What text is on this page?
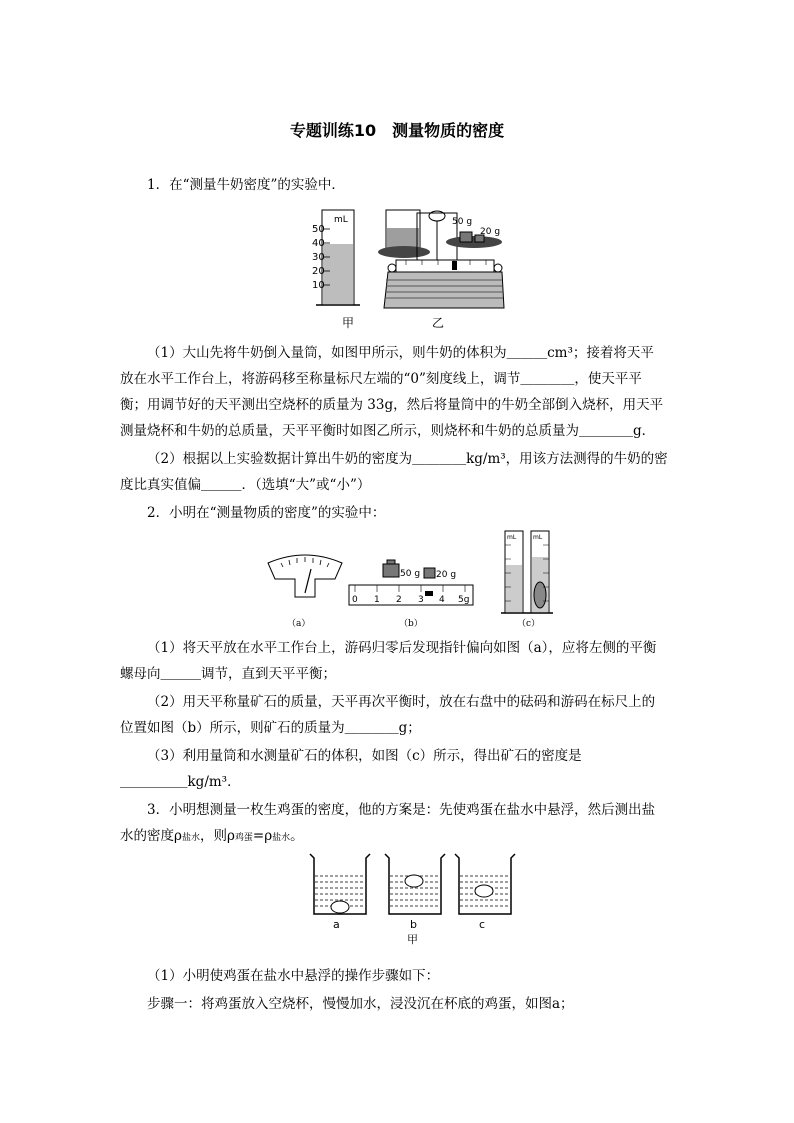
专题训练10　测量物质的密度
1．在“测量牛奶密度”的实验中．
mL
50
40
30
20
10
50 g
20 g
甲	乙
（1）大山先将牛奶倒入量筒，如图甲所示，则牛奶的体积为＿＿＿cm³；接着将天平
放在水平工作台上，将游码移至称量标尺左端的“0”刻度线上，调节＿＿＿＿，使天平平
衡；用调节好的天平测出空烧杯的质量为 33g，然后将量筒中的牛奶全部倒入烧杯，用天平
测量烧杯和牛奶的总质量，天平平衡时如图乙所示，则烧杯和牛奶的总质量为＿＿＿＿g．
（2）根据以上实验数据计算出牛奶的密度为＿＿＿＿kg/m³，用该方法测得的牛奶的密
度比真实值偏＿＿＿．（选填“大”或“小”）
2．小明在“测量物质的密度”的实验中：
50 g 20 g
0 1 2 3 4 5g
mL	mL
（a）	（b）	（c）
（1）将天平放在水平工作台上，游码归零后发现指针偏向如图（a），应将左侧的平衡
螺母向＿＿＿调节，直到天平平衡；
（2）用天平称量矿石的质量，天平再次平衡时，放在右盘中的砝码和游码在标尺上的
位置如图（b）所示，则矿石的质量为＿＿＿＿g；
（3）利用量筒和水测量矿石的体积，如图（c）所示，得出矿石的密度是
＿＿＿＿＿kg/m³．
3．小明想测量一枚生鸡蛋的密度，他的方案是：先使鸡蛋在盐水中悬浮，然后测出盐
水的密度ρ盐水，则ρ鸡蛋=ρ盐水。
a	b	c
甲
（1）小明使鸡蛋在盐水中悬浮的操作步骤如下：
步骤一：将鸡蛋放入空烧杯，慢慢加水，浸没沉在杯底的鸡蛋，如图a；
